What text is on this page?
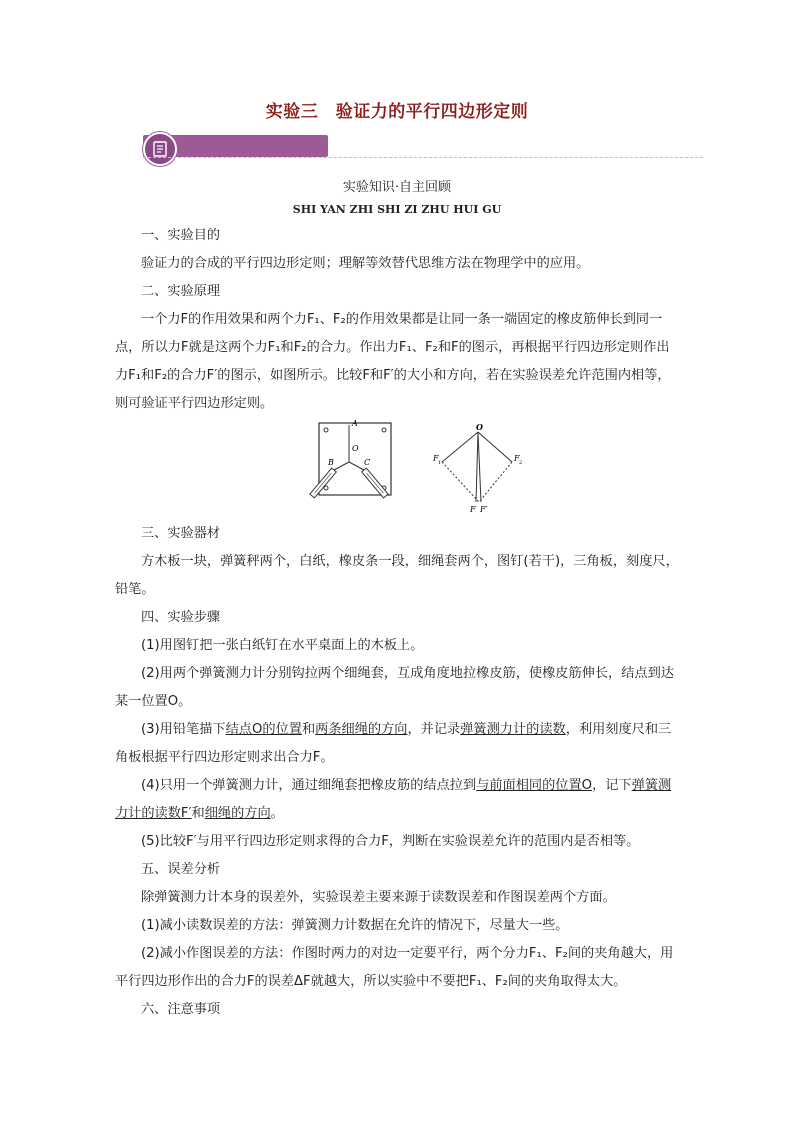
实验三　验证力的平行四边形定则
实验知识·自主回顾
SHI YAN ZHI SHI ZI ZHU HUI GU
一、实验目的
验证力的合成的平行四边形定则；理解等效替代思维方法在物理学中的应用。
二、实验原理
一个力F的作用效果和两个力F₁、F₂的作用效果都是让同一条一端固定的橡皮筋伸长到同一点，所以力F就是这两个力F₁和F₂的合力。作出力F₁、F₂和F的图示，再根据平行四边形定则作出力F₁和F₂的合力F′的图示，如图所示。比较F和F′的大小和方向，若在实验误差允许范围内相等，则可验证平行四边形定则。
A
O
B	C
O
F 1	F 2
F F′
三、实验器材
方木板一块，弹簧秤两个，白纸，橡皮条一段，细绳套两个，图钉(若干)，三角板，刻度尺，铅笔。
四、实验步骤
(1)用图钉把一张白纸钉在水平桌面上的木板上。
(2)用两个弹簧测力计分别钩拉两个细绳套，互成角度地拉橡皮筋，使橡皮筋伸长，结点到达某一位置O。
(3)用铅笔描下结点O的位置和两条细绳的方向，并记录弹簧测力计的读数，利用刻度尺和三角板根据平行四边形定则求出合力F。
(4)只用一个弹簧测力计，通过细绳套把橡皮筋的结点拉到与前面相同的位置O，记下弹簧测力计的读数F′和细绳的方向。
(5)比较F′与用平行四边形定则求得的合力F，判断在实验误差允许的范围内是否相等。
五、误差分析
除弹簧测力计本身的误差外，实验误差主要来源于读数误差和作图误差两个方面。
(1)减小读数误差的方法：弹簧测力计数据在允许的情况下，尽量大一些。
(2)减小作图误差的方法：作图时两力的对边一定要平行，两个分力F₁、F₂间的夹角越大，用平行四边形作出的合力F的误差ΔF就越大，所以实验中不要把F₁、F₂间的夹角取得太大。
六、注意事项
